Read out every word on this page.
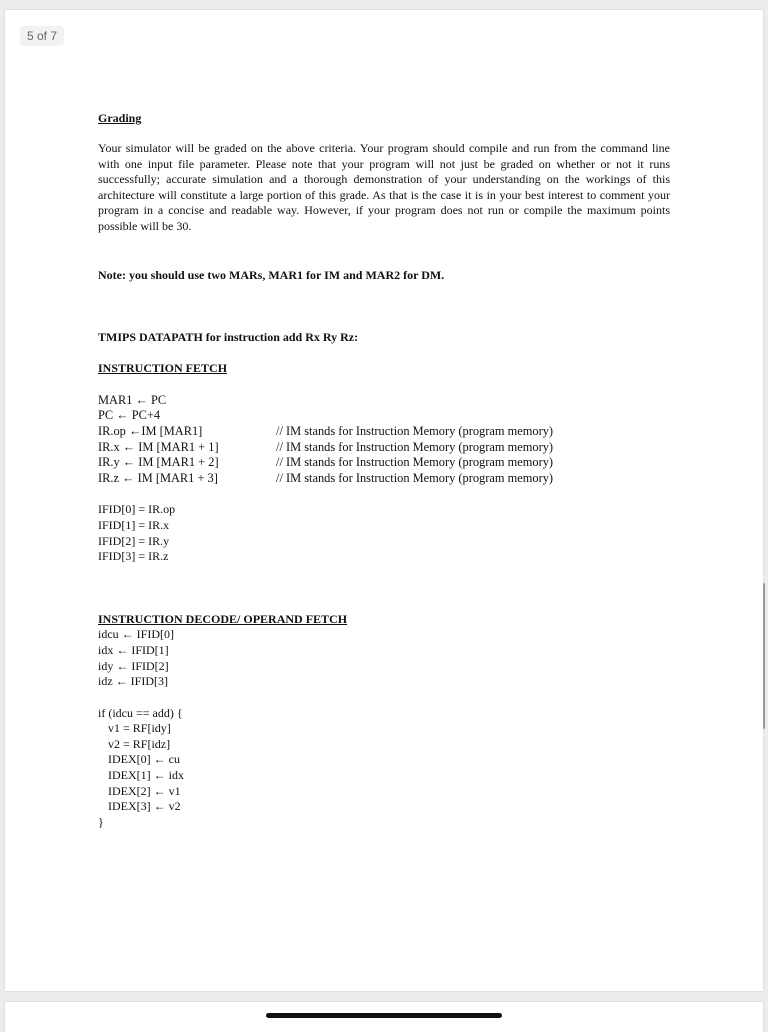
5 of 7
Grading
Your simulator will be graded on the above criteria. Your program should compile and run from the command line with one input file parameter. Please note that your program will not just be graded on whether or not it runs successfully; accurate simulation and a thorough demonstration of your understanding on the workings of this architecture will constitute a large portion of this grade. As that is the case it is in your best interest to comment your program in a concise and readable way. However, if your program does not run or compile the maximum points possible will be 30.
Note: you should use two MARs, MAR1 for IM and MAR2 for DM.
TMIPS DATAPATH for instruction add Rx Ry Rz:
INSTRUCTION FETCH
MAR1 ← PC
PC ← PC+4
IR.op ←IM [MAR1]	// IM stands for Instruction Memory (program memory)
IR.x ← IM [MAR1 + 1]	// IM stands for Instruction Memory (program memory)
IR.y ← IM [MAR1 + 2]	// IM stands for Instruction Memory (program memory)
IR.z ← IM [MAR1 + 3]	// IM stands for Instruction Memory (program memory)
IFID[0] = IR.op
IFID[1] = IR.x
IFID[2] = IR.y
IFID[3] = IR.z
INSTRUCTION DECODE/ OPERAND FETCH
idcu ← IFID[0]
idx ← IFID[1]
idy ← IFID[2]
idz ← IFID[3]
if (idcu == add) {
v1 = RF[idy]
v2 = RF[idz]
IDEX[0] ← cu
IDEX[1] ← idx
IDEX[2] ← v1
IDEX[3] ← v2
}
